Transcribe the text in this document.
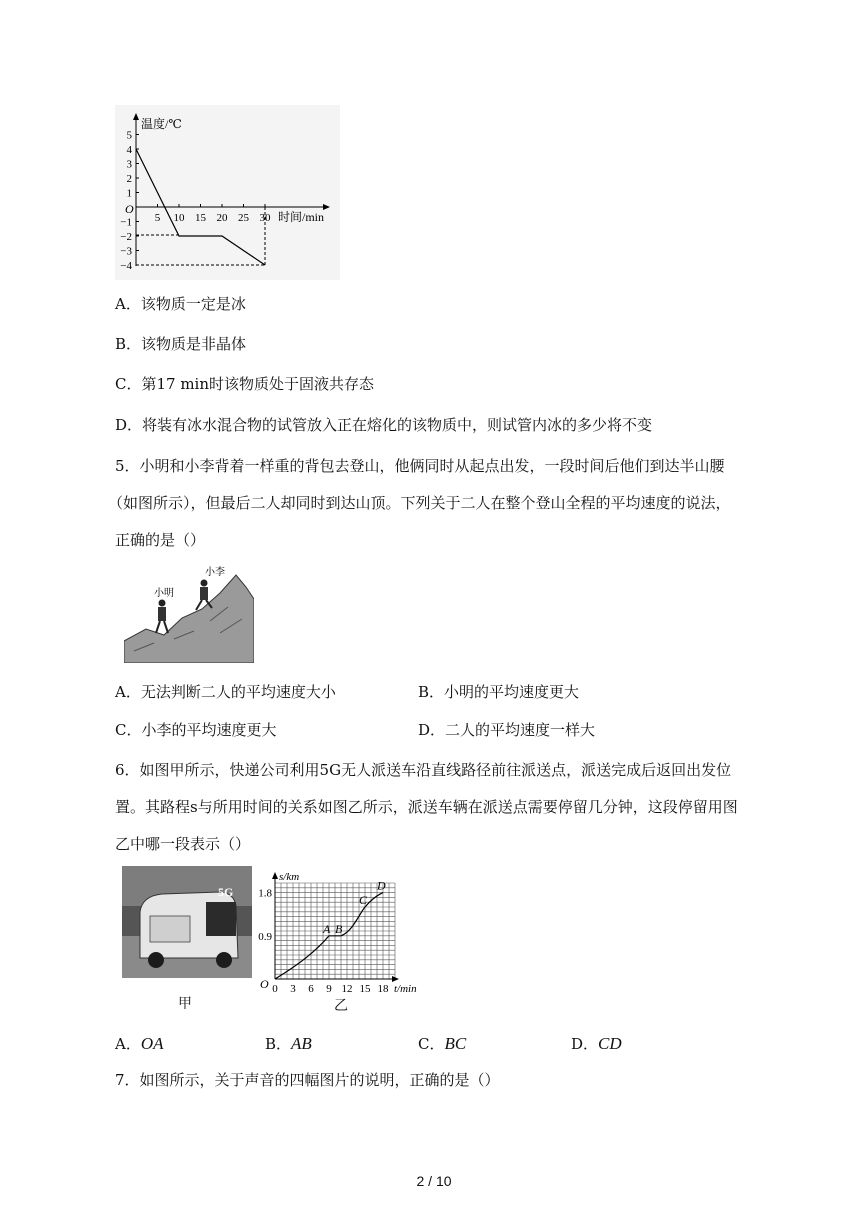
温度/℃
时间/min
O
5
4
3
2
1
−1
−2
−3
−4
5 10 15 20 25 30
A．该物质一定是冰
B．该物质是非晶体
C．第17 min时该物质处于固液共存态
D．将装有冰水混合物的试管放入正在熔化的该物质中，则试管内冰的多少将不变
5．小明和小李背着一样重的背包去登山，他俩同时从起点出发，一段时间后他们到达半山腰
（如图所示），但最后二人却同时到达山顶。下列关于二人在整个登山全程的平均速度的说法，
正确的是（）
小明
小李
A．无法判断二人的平均速度大小	B．小明的平均速度更大
C．小李的平均速度更大	D．二人的平均速度一样大
6．如图甲所示，快递公司利用5G无人派送车沿直线路径前往派送点，派送完成后返回出发位
置。其路程s与所用时间的关系如图乙所示，派送车辆在派送点需要停留几分钟，这段停留用图
乙中哪一段表示（）
5G
甲
s/km
t/min
O
1.8
0.9
0 3 6 9 12 15 18
A B
C
D
乙
A．OA	B．AB	C．BC	D．CD
7．如图所示，关于声音的四幅图片的说明，正确的是（）
2 / 10
